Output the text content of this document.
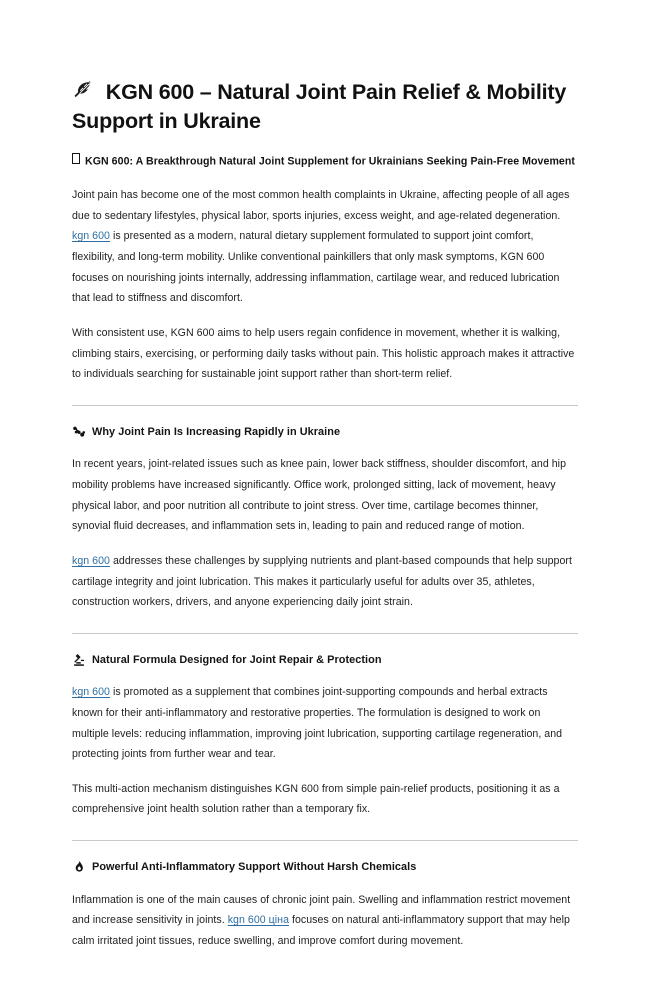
KGN 600 – Natural Joint Pain Relief & Mobility Support in Ukraine

KGN 600: A Breakthrough Natural Joint Supplement for Ukrainians Seeking Pain-Free Movement

Joint pain has become one of the most common health complaints in Ukraine, affecting people of all ages due to sedentary lifestyles, physical labor, sports injuries, excess weight, and age-related degeneration. kgn 600 is presented as a modern, natural dietary supplement formulated to support joint comfort, flexibility, and long-term mobility. Unlike conventional painkillers that only mask symptoms, KGN 600 focuses on nourishing joints internally, addressing inflammation, cartilage wear, and reduced lubrication that lead to stiffness and discomfort.

With consistent use, KGN 600 aims to help users regain confidence in movement, whether it is walking, climbing stairs, exercising, or performing daily tasks without pain. This holistic approach makes it attractive to individuals searching for sustainable joint support rather than short-term relief.

Why Joint Pain Is Increasing Rapidly in Ukraine

In recent years, joint-related issues such as knee pain, lower back stiffness, shoulder discomfort, and hip mobility problems have increased significantly. Office work, prolonged sitting, lack of movement, heavy physical labor, and poor nutrition all contribute to joint stress. Over time, cartilage becomes thinner, synovial fluid decreases, and inflammation sets in, leading to pain and reduced range of motion.

kgn 600 addresses these challenges by supplying nutrients and plant-based compounds that help support cartilage integrity and joint lubrication. This makes it particularly useful for adults over 35, athletes, construction workers, drivers, and anyone experiencing daily joint strain.

Natural Formula Designed for Joint Repair & Protection

kgn 600 is promoted as a supplement that combines joint-supporting compounds and herbal extracts known for their anti-inflammatory and restorative properties. The formulation is designed to work on multiple levels: reducing inflammation, improving joint lubrication, supporting cartilage regeneration, and protecting joints from further wear and tear.

This multi-action mechanism distinguishes KGN 600 from simple pain-relief products, positioning it as a comprehensive joint health solution rather than a temporary fix.

Powerful Anti-Inflammatory Support Without Harsh Chemicals

Inflammation is one of the main causes of chronic joint pain. Swelling and inflammation restrict movement and increase sensitivity in joints. kgn 600 ціна focuses on natural anti-inflammatory support that may help calm irritated joint tissues, reduce swelling, and improve comfort during movement.
